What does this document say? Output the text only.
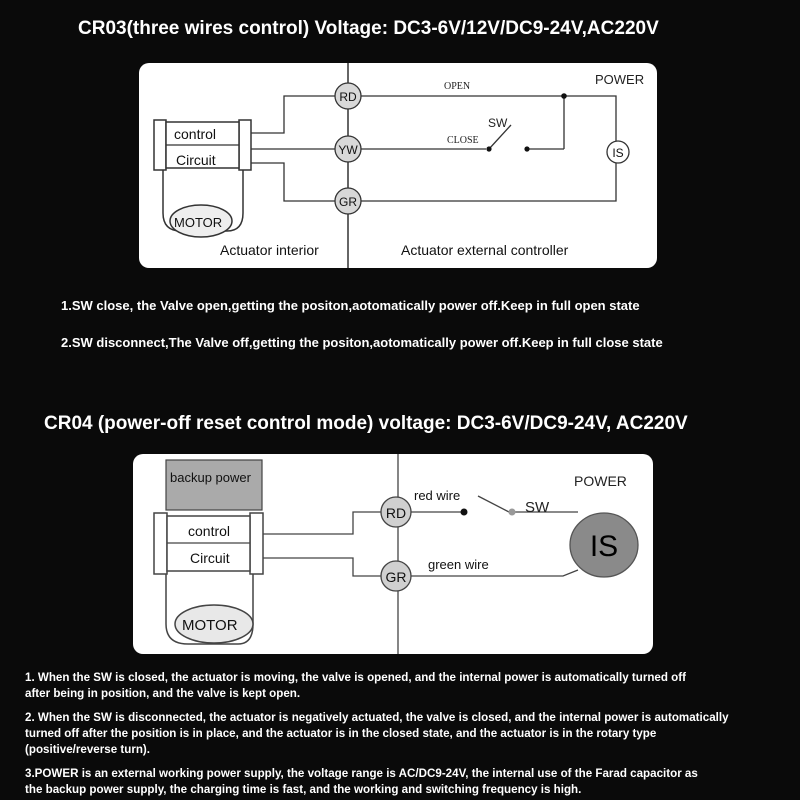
CR03(three wires control) Voltage: DC3-6V/12V/DC9-24V,AC220V
control
Circuit
MOTOR
RD
YW
GR
IS
OPEN
CLOSE
SW
POWER
Actuator interior	Actuator external controller
1.SW close, the Valve open,getting the positon,aotomatically power off.Keep in full open state
2.SW disconnect,The Valve off,getting the positon,aotomatically power off.Keep in full close state
CR04 (power-off reset control mode) voltage: DC3-6V/DC9-24V, AC220V
backup power
control
Circuit
MOTOR
RD
GR
IS
red wire
green wire
SW
POWER
1. When the SW is closed, the actuator is moving, the valve is opened, and the internal power is automatically turned off
after being in position, and the valve is kept open.
2. When the SW is disconnected, the actuator is negatively actuated, the valve is closed, and the internal power is automatically
turned off after the position is in place, and the actuator is in the closed state, and the actuator is in the rotary type
(positive/reverse turn).
3.POWER is an external working power supply, the voltage range is AC/DC9-24V, the internal use of the Farad capacitor as
the backup power supply, the charging time is fast, and the working and switching frequency is high.
